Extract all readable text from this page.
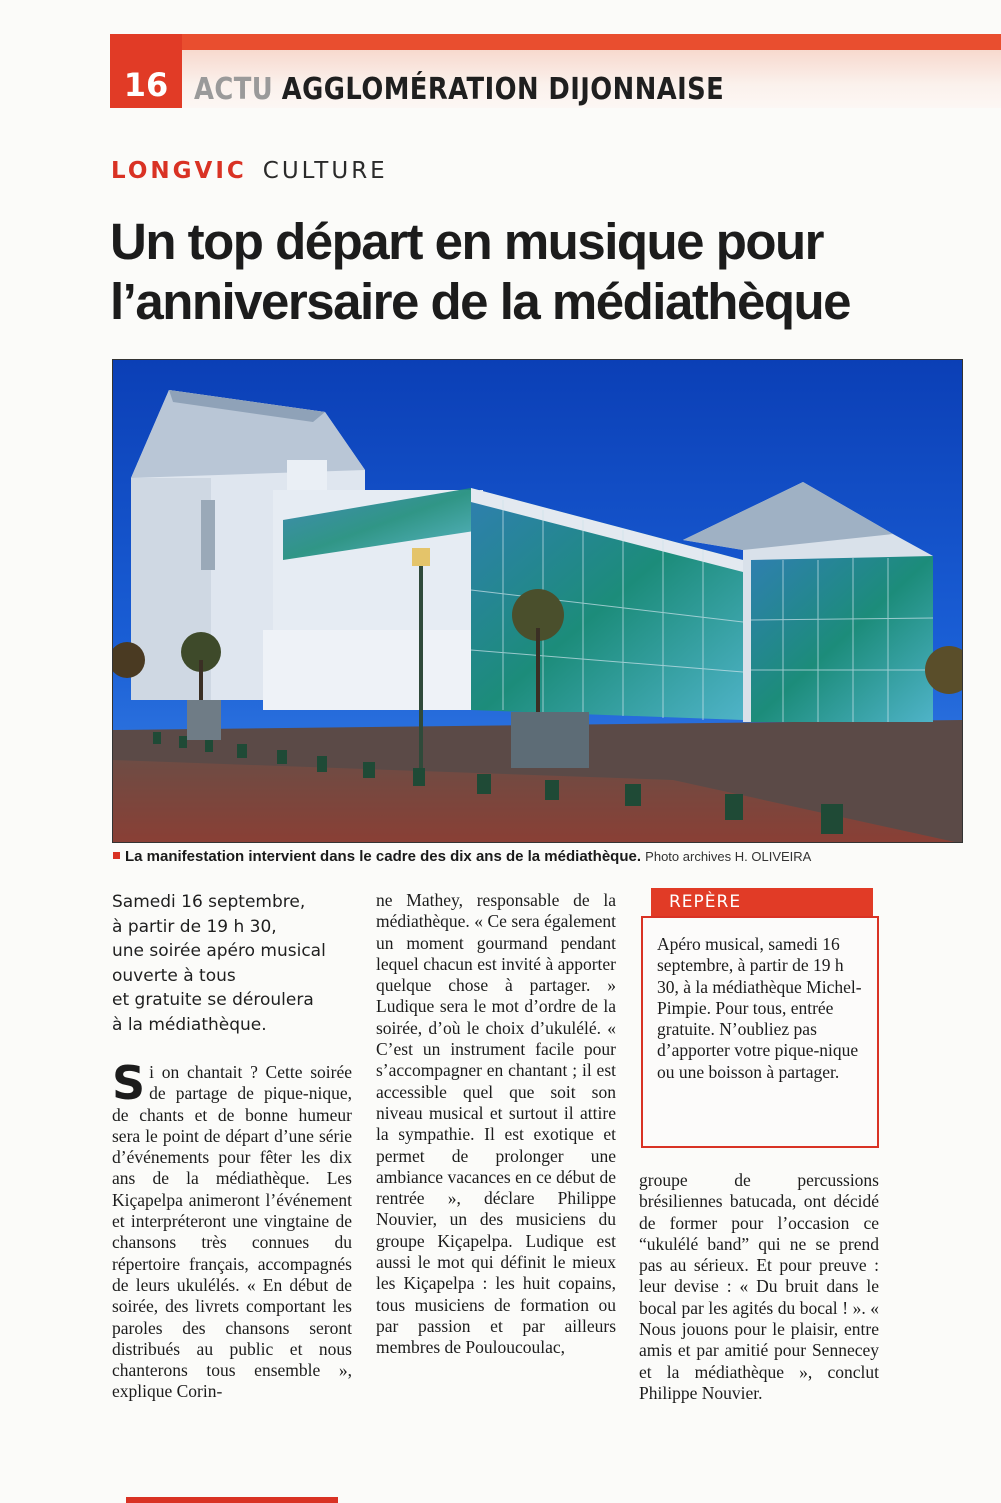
16 ACTU AGGLOMÉRATION DIJONNAISE
LONGVIC CULTURE
Un top départ en musique pour
l’anniversaire de la médiathèque
La manifestation intervient dans le cadre des dix ans de la médiathèque. Photo archives H. OLIVEIRA
Samedi 16 septembre,
à partir de 19 h 30,
une soirée apéro musical
ouverte à tous
et gratuite se déroulera
à la médiathèque.
Si on chantait ? Cette soirée de partage de pique-nique, de chants et de bonne humeur sera le point de départ d’une série d’événements pour fêter les dix ans de la médiathèque. Les Kiçapelpa animeront l’événement et interpréteront une vingtaine de chansons très connues du répertoire français, accompagnés de leurs ukulélés. « En début de soirée, des livrets comportant les paroles des chansons seront distribués au public et nous chanterons tous ensemble », explique Corin-
ne Mathey, responsable de la médiathèque. « Ce sera également un moment gourmand pendant lequel chacun est invité à apporter quelque chose à partager. » Ludique sera le mot d’ordre de la soirée, d’où le choix d’ukulélé. « C’est un instrument facile pour s’accompagner en chantant ; il est accessible quel que soit son niveau musical et surtout il attire la sympathie. Il est exotique et permet de prolonger une ambiance vacances en ce début de rentrée », déclare Philippe Nouvier, un des musiciens du groupe Kiçapelpa. Ludique est aussi le mot qui définit le mieux les Kiçapelpa : les huit copains, tous musiciens de formation ou par passion et par ailleurs membres de Pouloucoulac,
groupe de percussions brésiliennes batucada, ont décidé de former pour l’occasion ce “ukulélé band” qui ne se prend pas au sérieux. Et pour preuve : leur devise : « Du bruit dans le bocal par les agités du bocal ! ». « Nous jouons pour le plaisir, entre amis et par amitié pour Sennecey et la médiathèque », conclut Philippe Nouvier.
REPÈRE
Apéro musical, samedi 16 septembre, à partir de 19 h 30, à la médiathèque Michel-Pimpie. Pour tous, entrée gratuite. N’oubliez pas d’apporter votre pique-nique ou une boisson à partager.
